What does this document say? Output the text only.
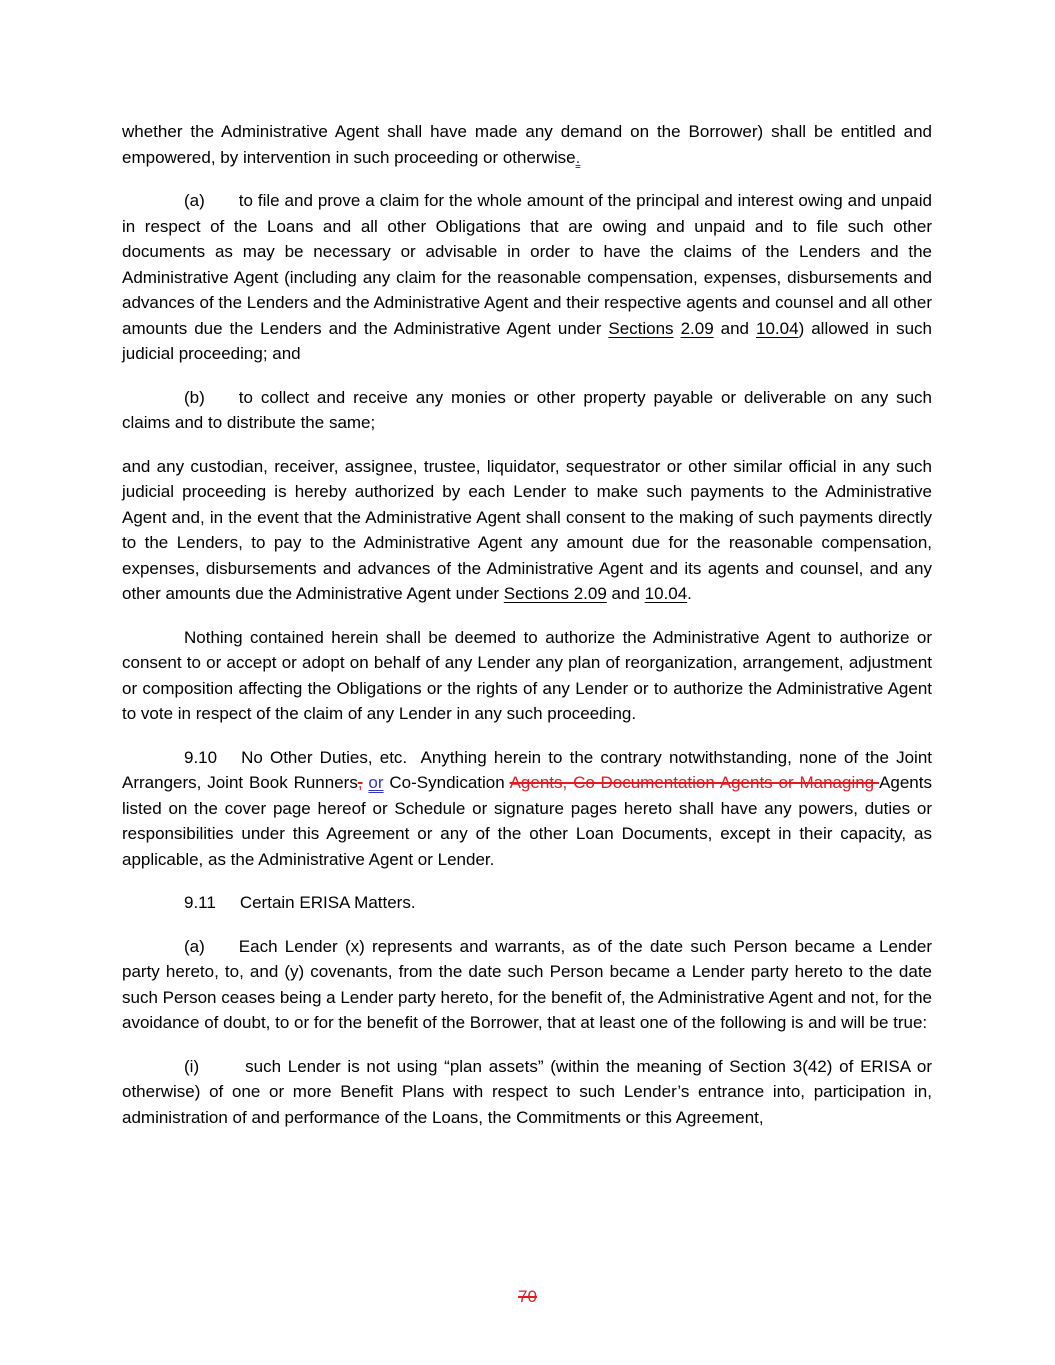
whether the Administrative Agent shall have made any demand on the Borrower) shall be entitled and empowered, by intervention in such proceeding or otherwise.

(a) to file and prove a claim for the whole amount of the principal and interest owing and unpaid in respect of the Loans and all other Obligations that are owing and unpaid and to file such other documents as may be necessary or advisable in order to have the claims of the Lenders and the Administrative Agent (including any claim for the reasonable compensation, expenses, disbursements and advances of the Lenders and the Administrative Agent and their respective agents and counsel and all other amounts due the Lenders and the Administrative Agent under Sections 2.09 and 10.04) allowed in such judicial proceeding; and

(b) to collect and receive any monies or other property payable or deliverable on any such claims and to distribute the same;

and any custodian, receiver, assignee, trustee, liquidator, sequestrator or other similar official in any such judicial proceeding is hereby authorized by each Lender to make such payments to the Administrative Agent and, in the event that the Administrative Agent shall consent to the making of such payments directly to the Lenders, to pay to the Administrative Agent any amount due for the reasonable compensation, expenses, disbursements and advances of the Administrative Agent and its agents and counsel, and any other amounts due the Administrative Agent under Sections 2.09 and 10.04.

Nothing contained herein shall be deemed to authorize the Administrative Agent to authorize or consent to or accept or adopt on behalf of any Lender any plan of reorganization, arrangement, adjustment or composition affecting the Obligations or the rights of any Lender or to authorize the Administrative Agent to vote in respect of the claim of any Lender in any such proceeding.

9.10 No Other Duties, etc.  Anything herein to the contrary notwithstanding, none of the Joint Arrangers, Joint Book Runners, or Co-Syndication Agents, Co-Documentation Agents or Managing Agents listed on the cover page hereof or Schedule or signature pages hereto shall have any powers, duties or responsibilities under this Agreement or any of the other Loan Documents, except in their capacity, as applicable, as the Administrative Agent or Lender.

9.11 Certain ERISA Matters.

(a) Each Lender (x) represents and warrants, as of the date such Person became a Lender party hereto, to, and (y) covenants, from the date such Person became a Lender party hereto to the date such Person ceases being a Lender party hereto, for the benefit of, the Administrative Agent and not, for the avoidance of doubt, to or for the benefit of the Borrower, that at least one of the following is and will be true:

(i)	such Lender is not using “plan assets” (within the meaning of Section 3(42) of ERISA or otherwise) of one or more Benefit Plans with respect to such Lender’s entrance into, participation in, administration of and performance of the Loans, the Commitments or this Agreement,

70
